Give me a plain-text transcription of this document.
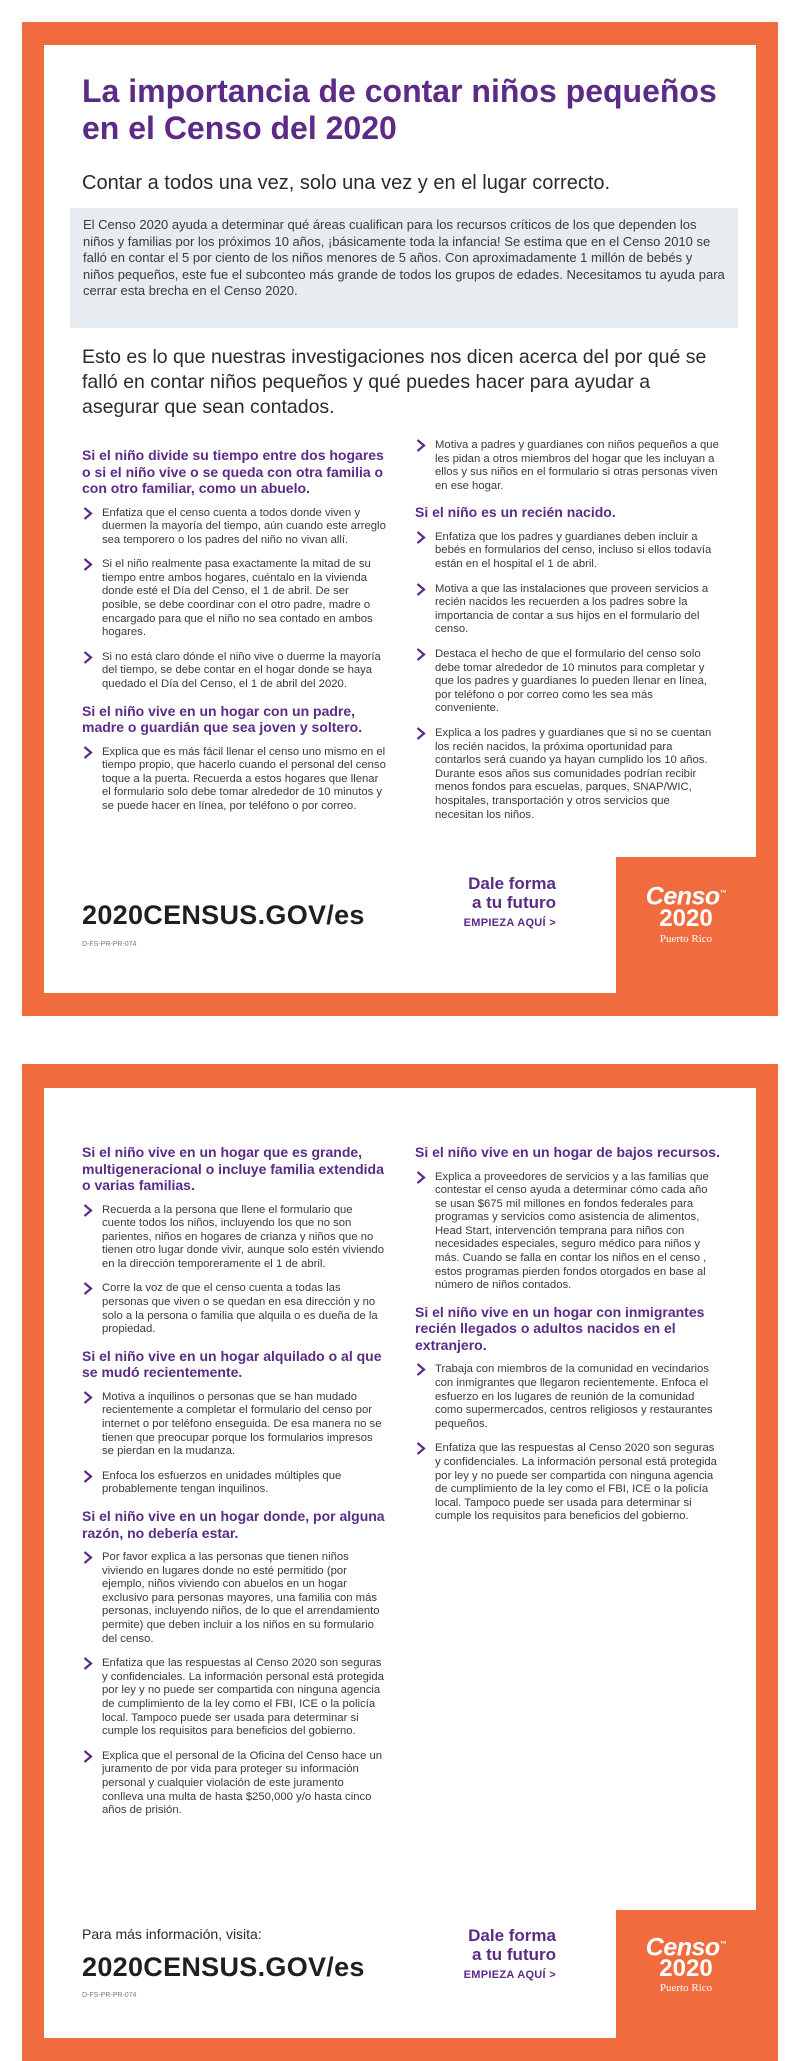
La importancia de contar niños pequeños en el Censo del 2020
Contar a todos una vez, solo una vez y en el lugar correcto.
El Censo 2020 ayuda a determinar qué áreas cualifican para los recursos críticos de los que dependen los niños y familias por los próximos 10 años, ¡básicamente toda la infancia! Se estima que en el Censo 2010 se falló en contar el 5 por ciento de los niños menores de 5 años. Con aproximadamente 1 millón de bebés y niños pequeños, este fue el subconteo más grande de todos los grupos de edades. Necesitamos tu ayuda para cerrar esta brecha en el Censo 2020.
Esto es lo que nuestras investigaciones nos dicen acerca del por qué se falló en contar niños pequeños y qué puedes hacer para ayudar a asegurar que sean contados.
Si el niño divide su tiempo entre dos hogares o si el niño vive o se queda con otra familia o con otro familiar, como un abuelo.
Enfatiza que el censo cuenta a todos donde viven y duermen la mayoría del tiempo, aún cuando este arreglo sea temporero o los padres del niño no vivan allí.
Si el niño realmente pasa exactamente la mitad de su tiempo entre ambos hogares, cuéntalo en la vivienda donde esté el Día del Censo, el 1 de abril. De ser posible, se debe coordinar con el otro padre, madre o encargado para que el niño no sea contado en ambos hogares.
Si no está claro dónde el niño vive o duerme la mayoría del tiempo, se debe contar en el hogar donde se haya quedado el Día del Censo, el 1 de abril del 2020.
Si el niño vive en un hogar con un padre, madre o guardián que sea joven y soltero.
Explica que es más fácil llenar el censo uno mismo en el tiempo propio, que hacerlo cuando el personal del censo toque a la puerta. Recuerda a estos hogares que llenar el formulario solo debe tomar alrededor de 10 minutos y se puede hacer en línea, por teléfono o por correo.
Motiva a padres y guardianes con niños pequeños a que les pidan a otros miembros del hogar que les incluyan a ellos y sus niños en el formulario si otras personas viven en ese hogar.
Si el niño es un recién nacido.
Enfatiza que los padres y guardianes deben incluir a bebés en formularios del censo, incluso si ellos todavía están en el hospital el 1 de abril.
Motiva a que las instalaciones que proveen servicios a recién nacidos les recuerden a los padres sobre la importancia de contar a sus hijos en el formulario del censo.
Destaca el hecho de que el formulario del censo solo debe tomar alrededor de 10 minutos para completar y que los padres y guardianes lo pueden llenar en línea, por teléfono o por correo como les sea más conveniente.
Explica a los padres y guardianes que si no se cuentan los recién nacidos, la próxima oportunidad para contarlos será cuando ya hayan cumplido los 10 años. Durante esos años sus comunidades podrían recibir menos fondos para escuelas, parques, SNAP/WIC, hospitales, transportación y otros servicios que necesitan los niños.
2020CENSUS.GOV/es
D-FS-PR-PR-074
Dale forma
a tu futuro
EMPIEZA AQUÍ >
Censo™
2020
Puerto Rico
Si el niño vive en un hogar que es grande, multigeneracional o incluye familia extendida o varias familias.
Recuerda a la persona que llene el formulario que cuente todos los niños, incluyendo los que no son parientes, niños en hogares de crianza y niños que no tienen otro lugar donde vivir, aunque solo estén viviendo en la dirección temporeramente el 1 de abril.
Corre la voz de que el censo cuenta a todas las personas que viven o se quedan en esa dirección y no solo a la persona o familia que alquila o es dueña de la propiedad.
Si el niño vive en un hogar alquilado o al que se mudó recientemente.
Motiva a inquilinos o personas que se han mudado recientemente a completar el formulario del censo por internet o por teléfono enseguida. De esa manera no se tienen que preocupar porque los formularios impresos se pierdan en la mudanza.
Enfoca los esfuerzos en unidades múltiples que probablemente tengan inquilinos.
Si el niño vive en un hogar donde, por alguna razón, no debería estar.
Por favor explica a las personas que tienen niños viviendo en lugares donde no esté permitido (por ejemplo, niños viviendo con abuelos en un hogar exclusivo para personas mayores, una familia con más personas, incluyendo niños, de lo que el arrendamiento permite) que deben incluir a los niños en su formulario del censo.
Enfatiza que las respuestas al Censo 2020 son seguras y confidenciales. La información personal está protegida por ley y no puede ser compartida con ninguna agencia de cumplimiento de la ley como el FBI, ICE o la policía local. Tampoco puede ser usada para determinar si cumple los requisitos para beneficios del gobierno.
Explica que el personal de la Oficina del Censo hace un juramento de por vida para proteger su información personal y cualquier violación de este juramento conlleva una multa de hasta $250,000 y/o hasta cinco años de prisión.
Si el niño vive en un hogar de bajos recursos.
Explica a proveedores de servicios y a las familias que contestar el censo ayuda a determinar cómo cada año se usan $675 mil millones en fondos federales para programas y servicios como asistencia de alimentos, Head Start, intervención temprana para niños con necesidades especiales, seguro médico para niños y más. Cuando se falla en contar los niños en el censo , estos programas pierden fondos otorgados en base al número de niños contados.
Si el niño vive en un hogar con inmigrantes recién llegados o adultos nacidos en el extranjero.
Trabaja con miembros de la comunidad en vecindarios con inmigrantes que llegaron recientemente. Enfoca el esfuerzo en los lugares de reunión de la comunidad como supermercados, centros religiosos y restaurantes pequeños.
Enfatiza que las respuestas al Censo 2020 son seguras y confidenciales. La información personal está protegida por ley y no puede ser compartida con ninguna agencia de cumplimiento de la ley como el FBI, ICE o la policía local. Tampoco puede ser usada para determinar si cumple los requisitos para beneficios del gobierno.
Para más información, visita:
2020CENSUS.GOV/es
D-FS-PR-PR-074
Dale forma
a tu futuro
EMPIEZA AQUÍ >
Censo™
2020
Puerto Rico
